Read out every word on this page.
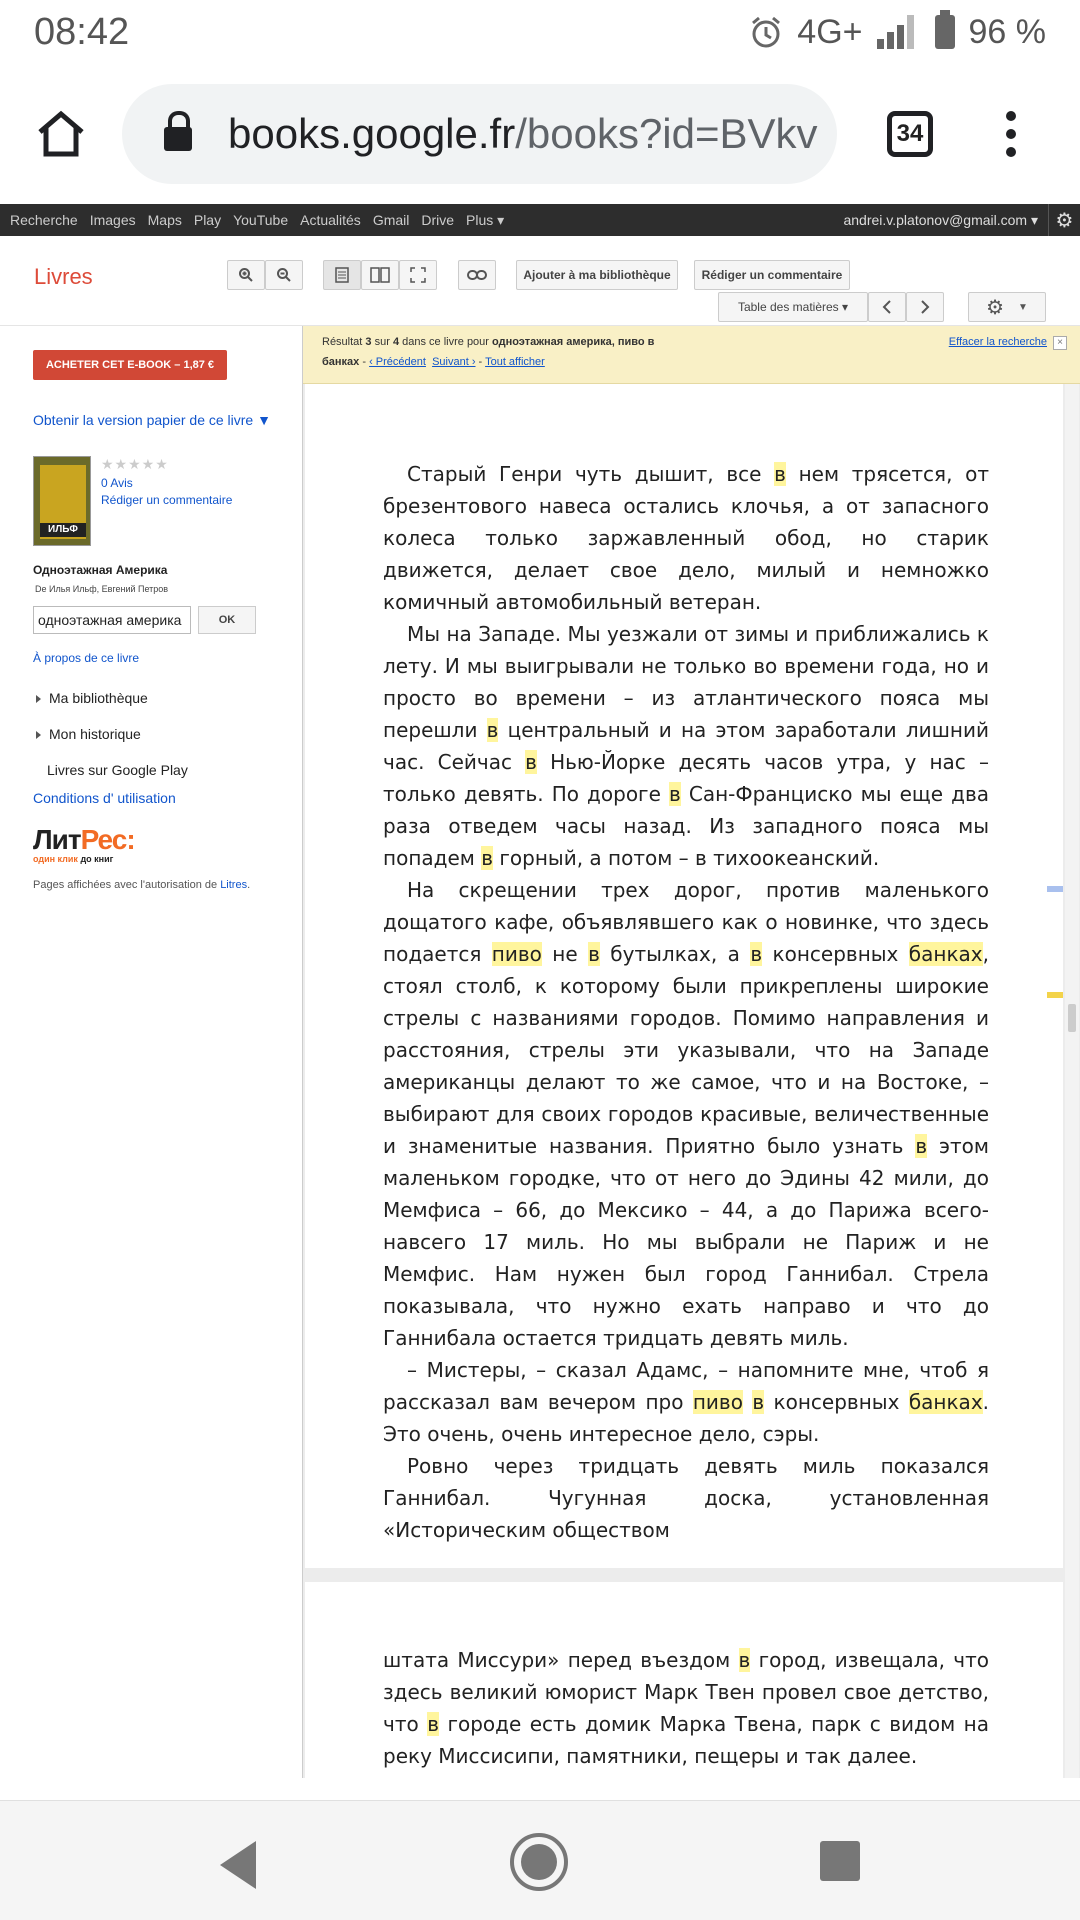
08:42	4G+	96 %
books.google.fr /books?id=BVkv	34
Recherche Images Maps Play YouTube Actualités Gmail Drive Plus ▾	andrei.v.platonov@gmail.com ▾ ⚙
Livres	Ajouter à ma bibliothèque	Rédiger un commentaire
Table des matières ▾	⚙ ▼
ACHETER CET E-BOOK – 1,87 €
Obtenir la version papier de ce livre ▼
ИЛЬФ
★★★★★
0 Avis
Rédiger un commentaire
Одноэтажная Америка
De Илья Ильф, Евгений Петров
одноэтажная америка
OK
À propos de ce livre
Ma bibliothèque
Mon historique
Livres sur Google Play
Conditions d' utilisation
ЛитРес:
один клик до книг
Pages affichées avec l'autorisation de Litres.
Résultat 3 sur 4 dans ce livre pour одноэтажная америка, пиво в
банках - ‹ Précédent Suivant › - Tout afficher
Effacer la recherche	×

Старый Генри чуть дышит, все в нем трясется, от брезентового навеса остались клочья, а от запасного колеса только заржавленный обод, но старик движется, делает свое дело, милый и немножко комичный автомобильный ветеран.

Мы на Западе. Мы уезжали от зимы и приближались к лету. И мы выигрывали не только во времени года, но и просто во времени – из атлантического пояса мы перешли в центральный и на этом заработали лишний час. Сейчас в Нью-Йорке десять часов утра, у нас – только девять. По дороге в Сан-Франциско мы еще два раза отведем часы назад. Из западного пояса мы попадем в горный, а потом – в тихоокеанский.

На скрещении трех дорог, против маленького дощатого кафе, объявлявшего как о новинке, что здесь подается пиво не в бутылках, а в консервных банках, стоял столб, к которому были прикреплены широкие стрелы с названиями городов. Помимо направления и расстояния, стрелы эти указывали, что на Западе американцы делают то же самое, что и на Востоке, – выбирают для своих городов красивые, величественные и знаменитые названия. Приятно было узнать в этом маленьком городке, что от него до Эдины 42 мили, до Мемфиса – 66, до Мексико – 44, а до Парижа всего-навсего 17 миль. Но мы выбрали не Париж и не Мемфис. Нам нужен был город Ганнибал. Стрела показывала, что нужно ехать направо и что до Ганнибала остается тридцать девять миль.

– Мистеры, – сказал Адамс, – напомните мне, чтоб я рассказал вам вечером про пиво в консервных банках. Это очень, очень интересное дело, сэры.

Ровно через тридцать девять миль показался Ганнибал. Чугунная доска, установленная «Историческим обществом

штата Миссури» перед въездом в город, извещала, что здесь великий юморист Марк Твен провел свое детство, что в городе есть домик Марка Твена, парк с видом на реку Миссисипи, памятники, пещеры и так далее.
